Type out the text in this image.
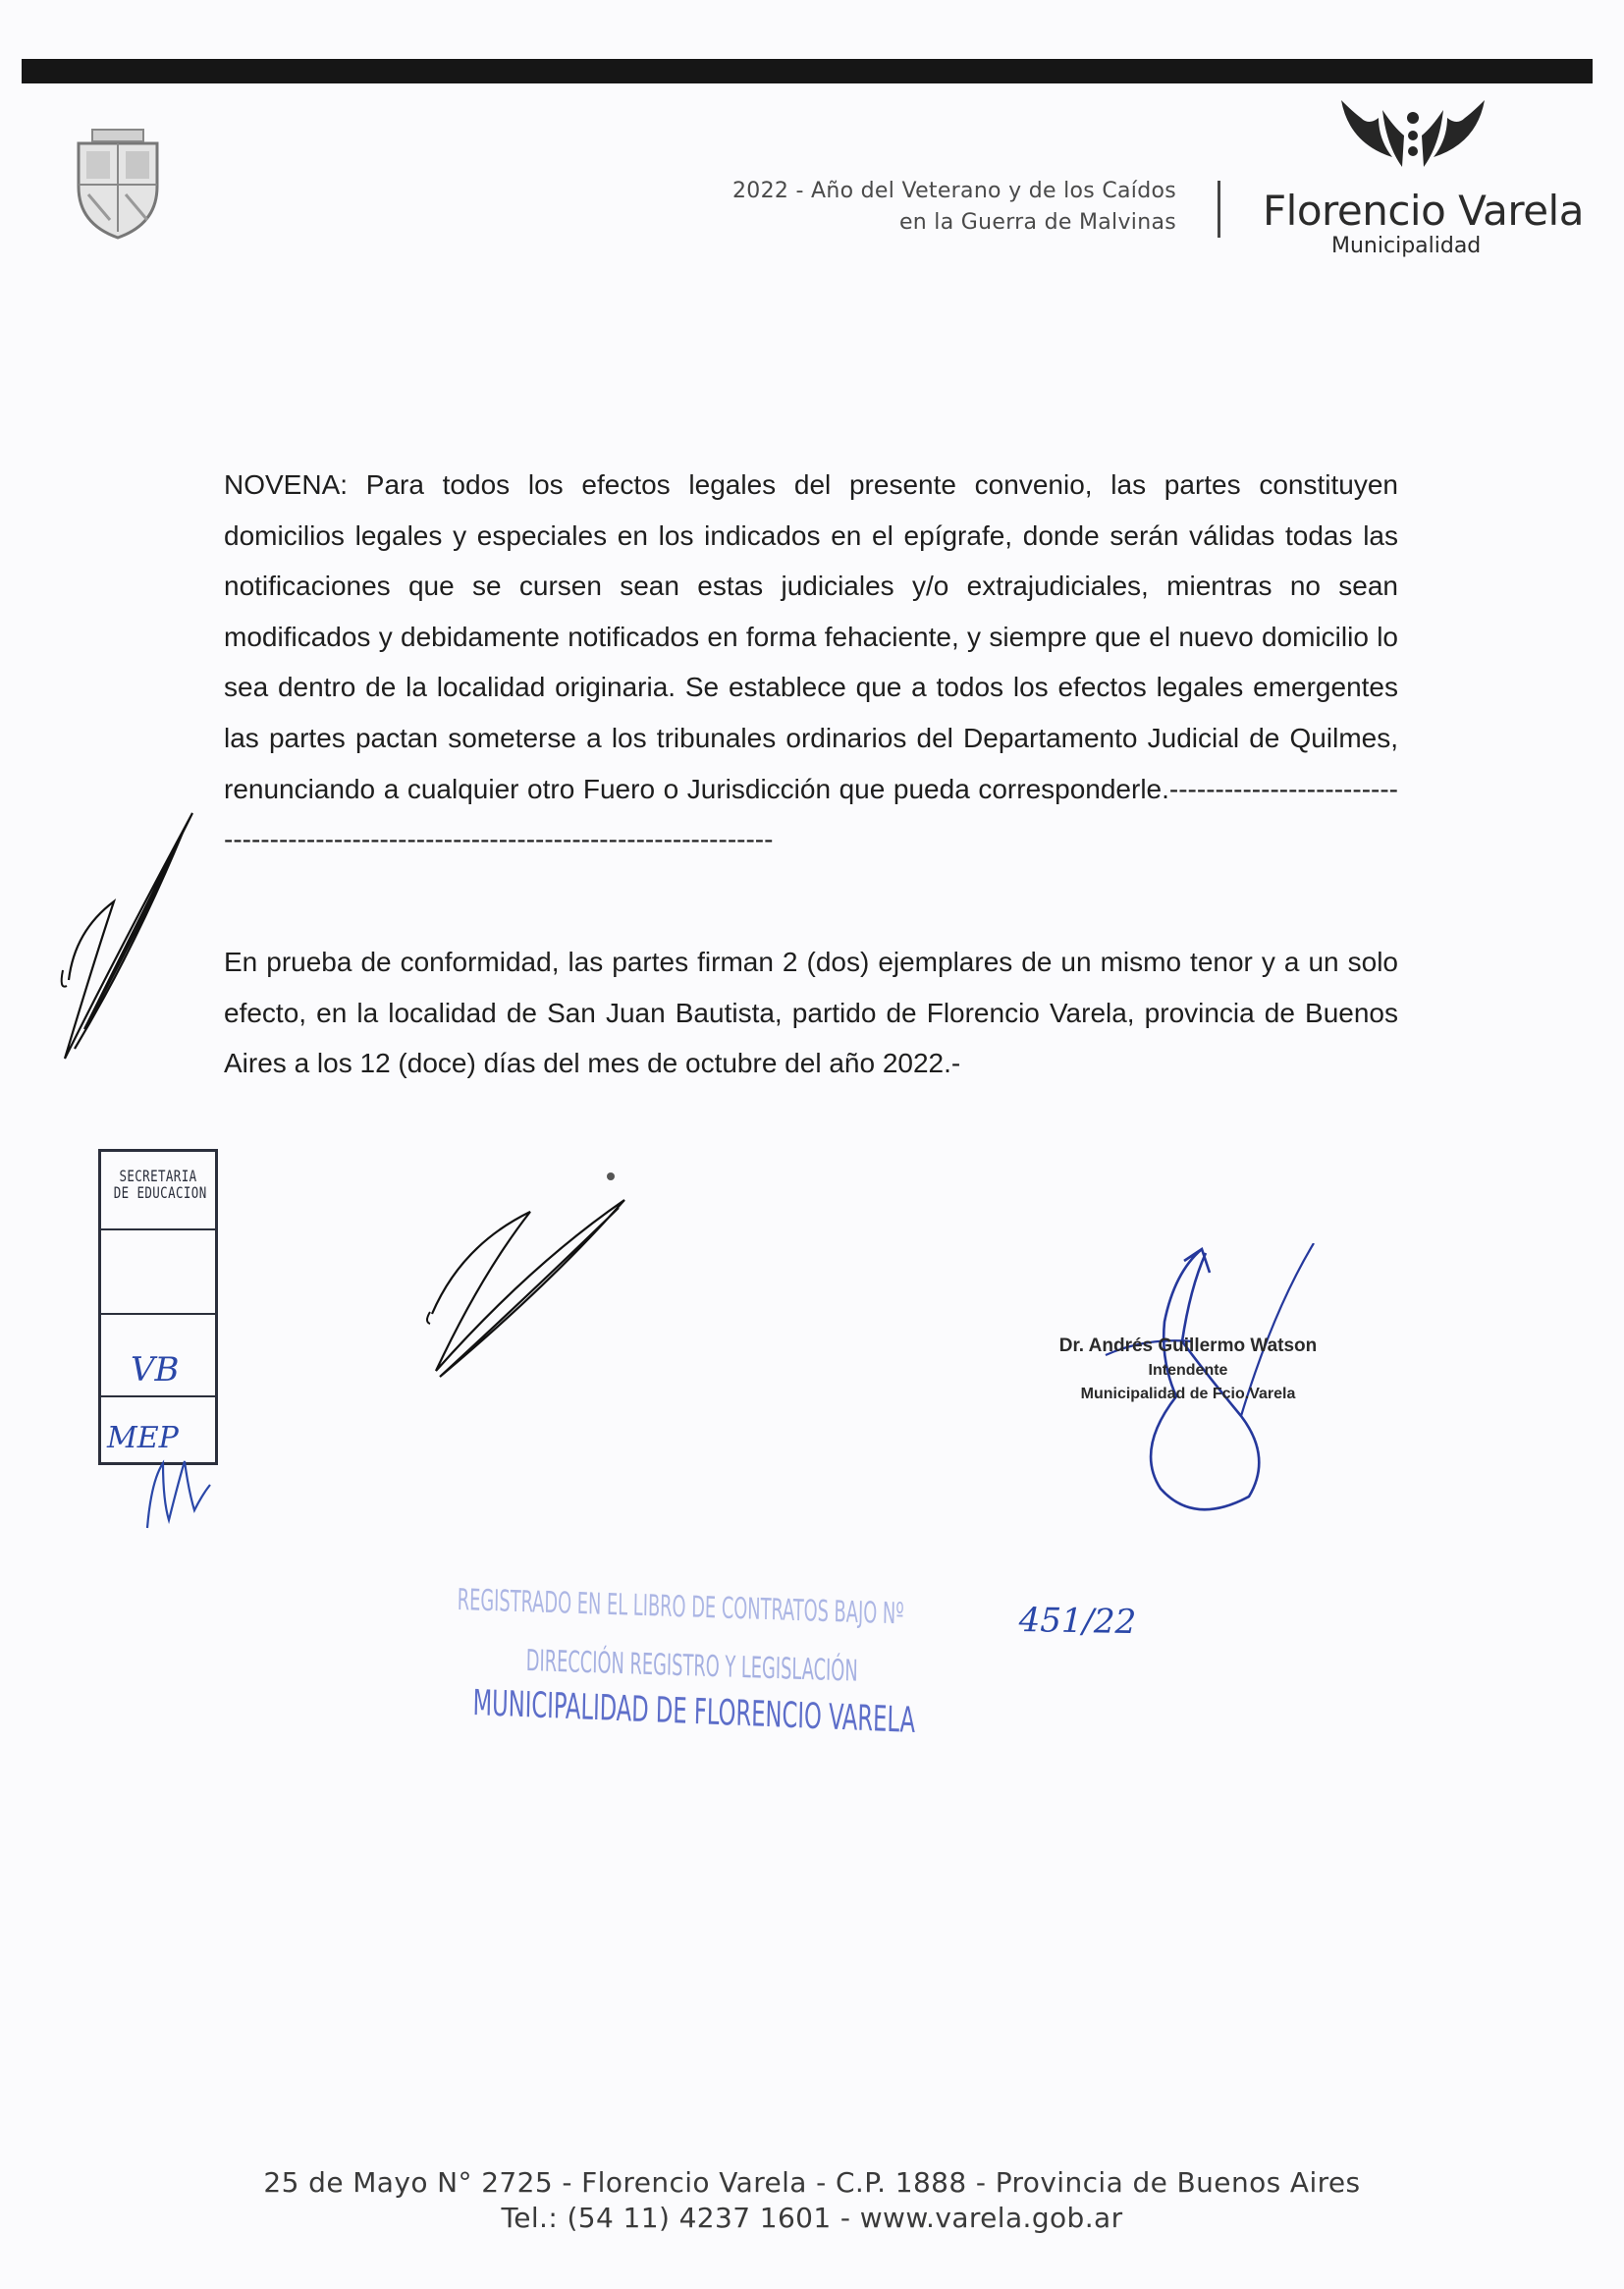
2022 - Año del Veterano y de los Caídos
en la Guerra de Malvinas Florencio Varela
Municipalidad

NOVENA: Para todos los efectos legales del presente convenio, las partes constituyen domicilios legales y especiales en los indicados en el epígrafe, donde serán válidas todas las notificaciones que se cursen sean estas judiciales y/o extrajudiciales, mientras no sean modificados y debidamente notificados en forma fehaciente, y siempre que el nuevo domicilio lo sea dentro de la localidad originaria. Se establece que a todos los efectos legales emergentes las partes pactan someterse a los tribunales ordinarios del Departamento Judicial de Quilmes, renunciando a cualquier otro Fuero o Jurisdicción que pueda corresponderle.-------------------------------------------------------------------------------------

En prueba de conformidad, las partes firman 2 (dos) ejemplares de un mismo tenor y a un solo efecto, en la localidad de San Juan Bautista, partido de Florencio Varela, provincia de Buenos Aires a los 12 (doce) días del mes de octubre del año 2022.-

SECRETARIA
DE EDUCACION
VB
MEP
Dr. Andrés Guillermo Watson
Intendente
Municipalidad de Fcio.Varela
REGISTRADO EN EL LIBRO DE CONTRATOS BAJO Nº	451/22
DIRECCIÓN REGISTRO Y LEGISLACIÓN
MUNICIPALIDAD DE FLORENCIO VARELA
25 de Mayo N° 2725 - Florencio Varela - C.P. 1888 - Provincia de Buenos Aires
Tel.: (54 11) 4237 1601 - www.varela.gob.ar
